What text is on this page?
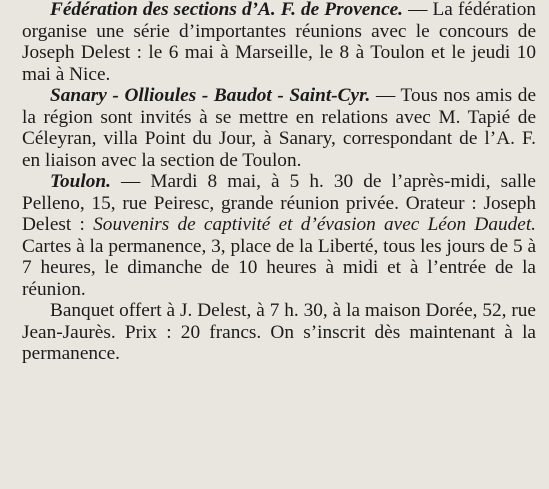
Fédération des sections d’A. F. de Provence. — La fédération organise une série d’importantes réunions avec le concours de Joseph Delest : le 6 mai à Marseille, le 8 à Toulon et le jeudi 10 mai à Nice.

Sanary - Ollioules - Baudot - Saint-Cyr. — Tous nos amis de la région sont invités à se mettre en relations avec M. Tapié de Céleyran, villa Point du Jour, à Sanary, correspondant de l’A. F. en liaison avec la section de Toulon.

Toulon. — Mardi 8 mai, à 5 h. 30 de l’après-midi, salle Pelleno, 15, rue Peiresc, grande réunion privée. Orateur : Joseph Delest : Souvenirs de captivité et d’évasion avec Léon Daudet. Cartes à la permanence, 3, place de la Liberté, tous les jours de 5 à 7 heures, le dimanche de 10 heures à midi et à l’entrée de la réunion.

Banquet offert à J. Delest, à 7 h. 30, à la maison Dorée, 52, rue Jean-Jaurès. Prix : 20 francs. On s’inscrit dès maintenant à la permanence.
